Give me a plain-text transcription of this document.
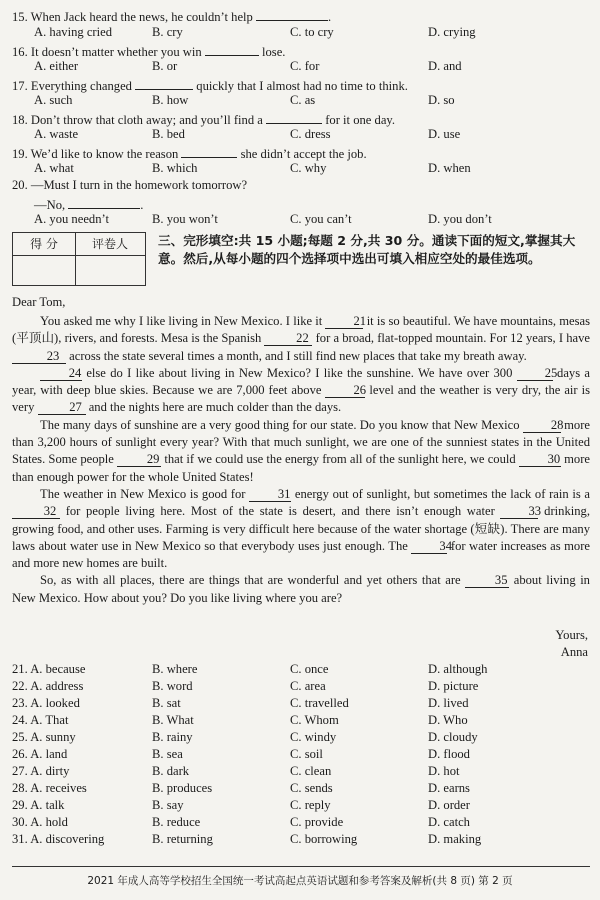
15. When Jack heard the news, he couldn’t help	.
A. having cried	B. cry	C. to cry	D. crying
16. It doesn’t matter whether you win	lose.
A. either	B. or	C. for	D. and
17. Everything changed	quickly that I almost had no time to think.
A. such	B. how	C. as	D. so
18. Don’t throw that cloth away; and you’ll find a	for it one day.
A. waste	B. bed	C. dress	D. use
19. We’d like to know the reason	she didn’t accept the job.
A. what	B. which	C. why	D. when
20. —Must I turn in the homework tomorrow?
—No,	.
A. you needn’t	B. you won’t	C. you can’t	D. you don’t
得 分	评卷人	三、完形填空:共 15 小题;每题 2 分,共 30 分。通读下面的短文,掌握其大意。然后,从每小题的四个选择项中选出可填入相应空处的最佳选项。
Dear Tom,

You asked me why I like living in New Mexico. I like it 21 it is so beautiful. We have mountains, mesas (平顶山), rivers, and forests. Mesa is the Spanish	22 for a broad, flat-topped mountain. For 12 years, I have 23 across the state several times a month, and I still find new places that take my breath away.

24 else do I like about living in New Mexico? I like the sunshine. We have over 300	25 days a year, with deep blue skies. Because we are 7,000 feet above	26 level and the weather is very dry, the air is very	27 and the nights here are much colder than the days.

The many days of sunshine are a very good thing for our state. Do you know that New Mexico 28 more than 3,200 hours of sunlight every year? With that much sunlight, we are one of the sunniest states in the United States. Some people	29 that if we could use the energy from all of the sunlight here, we could	30 more than enough power for the whole United States!

The weather in New Mexico is good for	31 energy out of sunlight, but sometimes the lack of rain is a 32 for people living here. Most of the state is desert, and there isn’t enough water	33 drinking, growing food, and other uses. Farming is very difficult here because of the water shortage (短缺). There are many laws about water use in New Mexico so that everybody uses just enough. The	34 for water increases as more and more new homes are built.

So, as with all places, there are things that are wonderful and yet others that are	35 about living in New Mexico. How about you? Do you like living where you are?

Yours,
Anna
21. A. because	B. where	C. once	D. although
22. A. address	B. word	C. area	D. picture
23. A. looked	B. sat	C. travelled	D. lived
24. A. That	B. What	C. Whom	D. Who
25. A. sunny	B. rainy	C. windy	D. cloudy
26. A. land	B. sea	C. soil	D. flood
27. A. dirty	B. dark	C. clean	D. hot
28. A. receives	B. produces	C. sends	D. earns
29. A. talk	B. say	C. reply	D. order
30. A. hold	B. reduce	C. provide	D. catch
31. A. discovering	B. returning	C. borrowing	D. making
2021 年成人高等学校招生全国统一考试高起点英语试题和参考答案及解析(共 8 页) 第 2 页
